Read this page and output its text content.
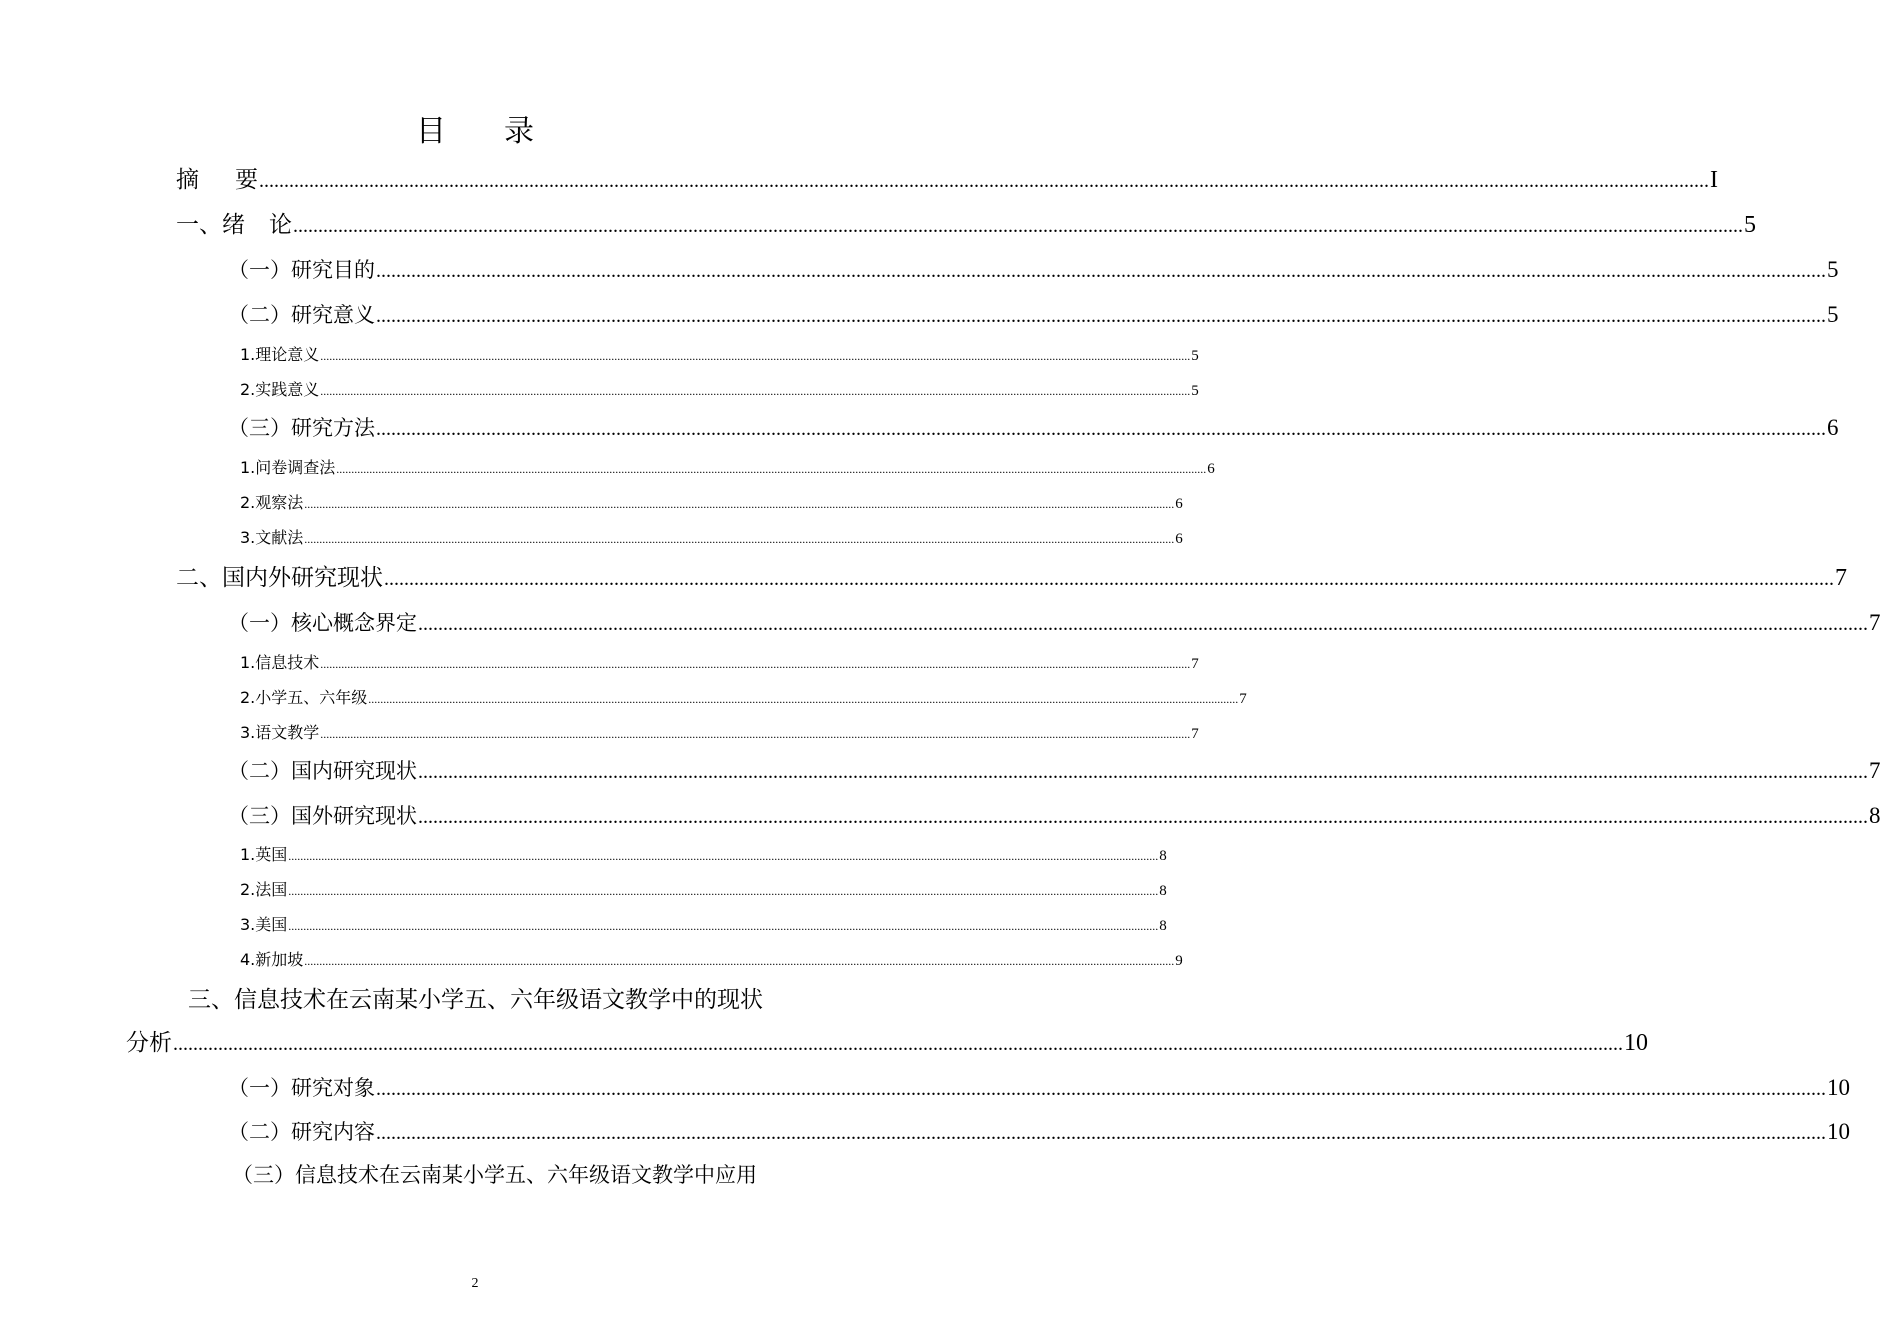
目 录
摘 要 .................................................................................................................................................................................................................................................................................................. I
一、绪 论 .................................................................................................................................................................................................................................................................................................. 5
（一）研究目的 .................................................................................................................................................................................................................................................................................................. 5
（二）研究意义 .................................................................................................................................................................................................................................................................................................. 5
1.理论意义 .................................................................................................................................................................................................................................................................................................. 5
2.实践意义 .................................................................................................................................................................................................................................................................................................. 5
（三）研究方法 .................................................................................................................................................................................................................................................................................................. 6
1.问卷调查法 .................................................................................................................................................................................................................................................................................................. 6
2.观察法 .................................................................................................................................................................................................................................................................................................. 6
3.文献法 .................................................................................................................................................................................................................................................................................................. 6
二、国内外研究现状 .................................................................................................................................................................................................................................................................................................. 7
（一）核心概念界定 .................................................................................................................................................................................................................................................................................................. 7
1.信息技术 .................................................................................................................................................................................................................................................................................................. 7
2.小学五、六年级 .................................................................................................................................................................................................................................................................................................. 7
3.语文教学 .................................................................................................................................................................................................................................................................................................. 7
（二）国内研究现状 .................................................................................................................................................................................................................................................................................................. 7
（三）国外研究现状 .................................................................................................................................................................................................................................................................................................. 8
1.英国 .................................................................................................................................................................................................................................................................................................. 8
2.法国 .................................................................................................................................................................................................................................................................................................. 8
3.美国 .................................................................................................................................................................................................................................................................................................. 8
4.新加坡 .................................................................................................................................................................................................................................................................................................. 9
三、信息技术在云南某小学五、六年级语文教学中的现状
分析 .................................................................................................................................................................................................................................................................................................. 10
（一）研究对象 .................................................................................................................................................................................................................................................................................................. 10
（二）研究内容 .................................................................................................................................................................................................................................................................................................. 10
（三）信息技术在云南某小学五、六年级语文教学中应用
2
